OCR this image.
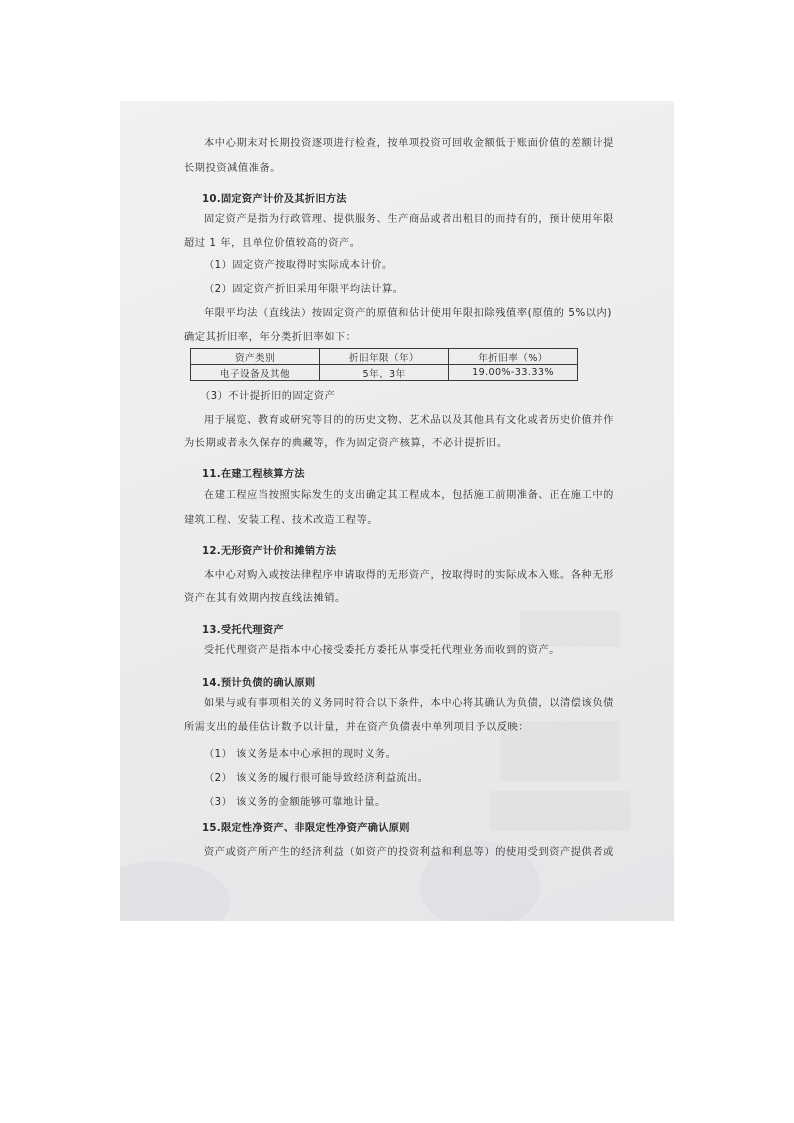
本中心期末对长期投资逐项进行检查，按单项投资可回收金额低于账面价值的差额计提
长期投资减值准备。
10.固定资产计价及其折旧方法
固定资产是指为行政管理、提供服务、生产商品或者出租目的而持有的，预计使用年限
超过 1 年，且单位价值较高的资产。
（1）固定资产按取得时实际成本计价。
（2）固定资产折旧采用年限平均法计算。
年限平均法（直线法）按固定资产的原值和估计使用年限扣除残值率(原值的 5%以内)
确定其折旧率，年分类折旧率如下：
资产类别	折旧年限（年）	年折旧率（%）
电子设备及其他	5年、3年	19.00%-33.33%
（3）不计提折旧的固定资产
用于展览、教育或研究等目的的历史文物、艺术品以及其他具有文化或者历史价值并作
为长期或者永久保存的典藏等，作为固定资产核算，不必计提折旧。
11.在建工程核算方法
在建工程应当按照实际发生的支出确定其工程成本，包括施工前期准备、正在施工中的
建筑工程、安装工程、技术改造工程等。
12.无形资产计价和摊销方法
本中心对购入或按法律程序申请取得的无形资产，按取得时的实际成本入账。各种无形
资产在其有效期内按直线法摊销。
13.受托代理资产
受托代理资产是指本中心接受委托方委托从事受托代理业务而收到的资产。
14.预计负债的确认原则
如果与或有事项相关的义务同时符合以下条件，本中心将其确认为负债，以清偿该负债
所需支出的最佳估计数予以计量，并在资产负债表中单列项目予以反映：
（1） 该义务是本中心承担的现时义务。
（2） 该义务的履行很可能导致经济利益流出。
（3） 该义务的金额能够可靠地计量。
15.限定性净资产、非限定性净资产确认原则
资产或资产所产生的经济利益（如资产的投资利益和利息等）的使用受到资产提供者或
